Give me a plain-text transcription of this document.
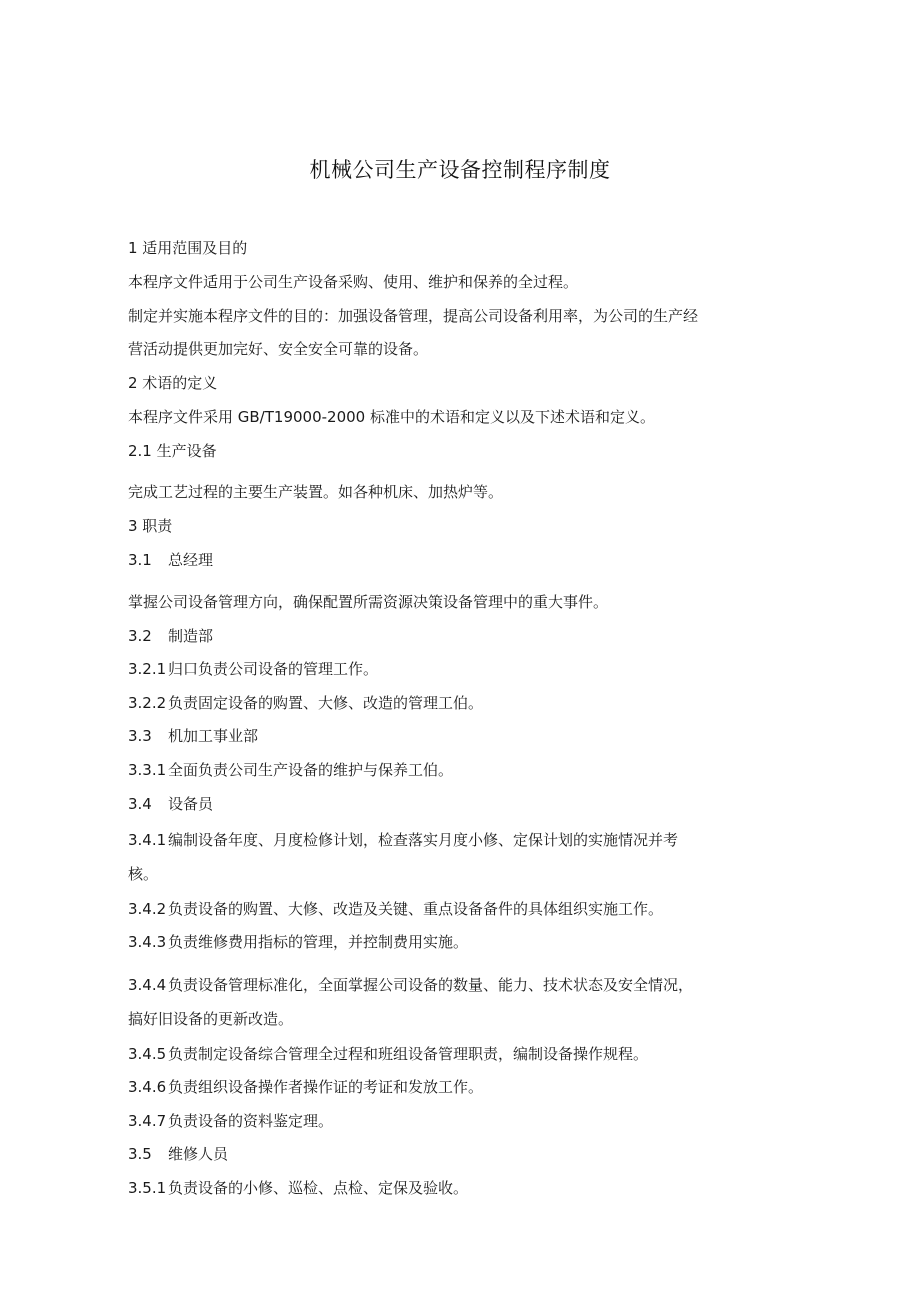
机械公司生产设备控制程序制度
1 适用范围及目的
本程序文件适用于公司生产设备采购、使用、维护和保养的全过程。
制定并实施本程序文件的目的：加强设备管理，提高公司设备利用率，为公司的生产经
营活动提供更加完好、安全安全可靠的设备。
2 术语的定义
本程序文件采用 GB/T19000-2000 标准中的术语和定义以及下述术语和定义。
2.1 生产设备
完成工艺过程的主要生产装置。如各种机床、加热炉等。
3 职责
3.1 总经理
掌握公司设备管理方向，确保配置所需资源决策设备管理中的重大事件。
3.2 制造部
3.2.1 归口负责公司设备的管理工作。
3.2.2 负责固定设备的购置、大修、改造的管理工伯。
3.3 机加工事业部
3.3.1 全面负责公司生产设备的维护与保养工伯。
3.4 设备员
3.4.1 编制设备年度、月度检修计划，检查落实月度小修、定保计划的实施情况并考
核。
3.4.2 负责设备的购置、大修、改造及关键、重点设备备件的具体组织实施工作。
3.4.3 负责维修费用指标的管理，并控制费用实施。
3.4.4 负责设备管理标准化，全面掌握公司设备的数量、能力、技术状态及安全情况，
搞好旧设备的更新改造。
3.4.5 负责制定设备综合管理全过程和班组设备管理职责，编制设备操作规程。
3.4.6 负责组织设备操作者操作证的考证和发放工作。
3.4.7 负责设备的资料鉴定理。
3.5 维修人员
3.5.1 负责设备的小修、巡检、点检、定保及验收。
